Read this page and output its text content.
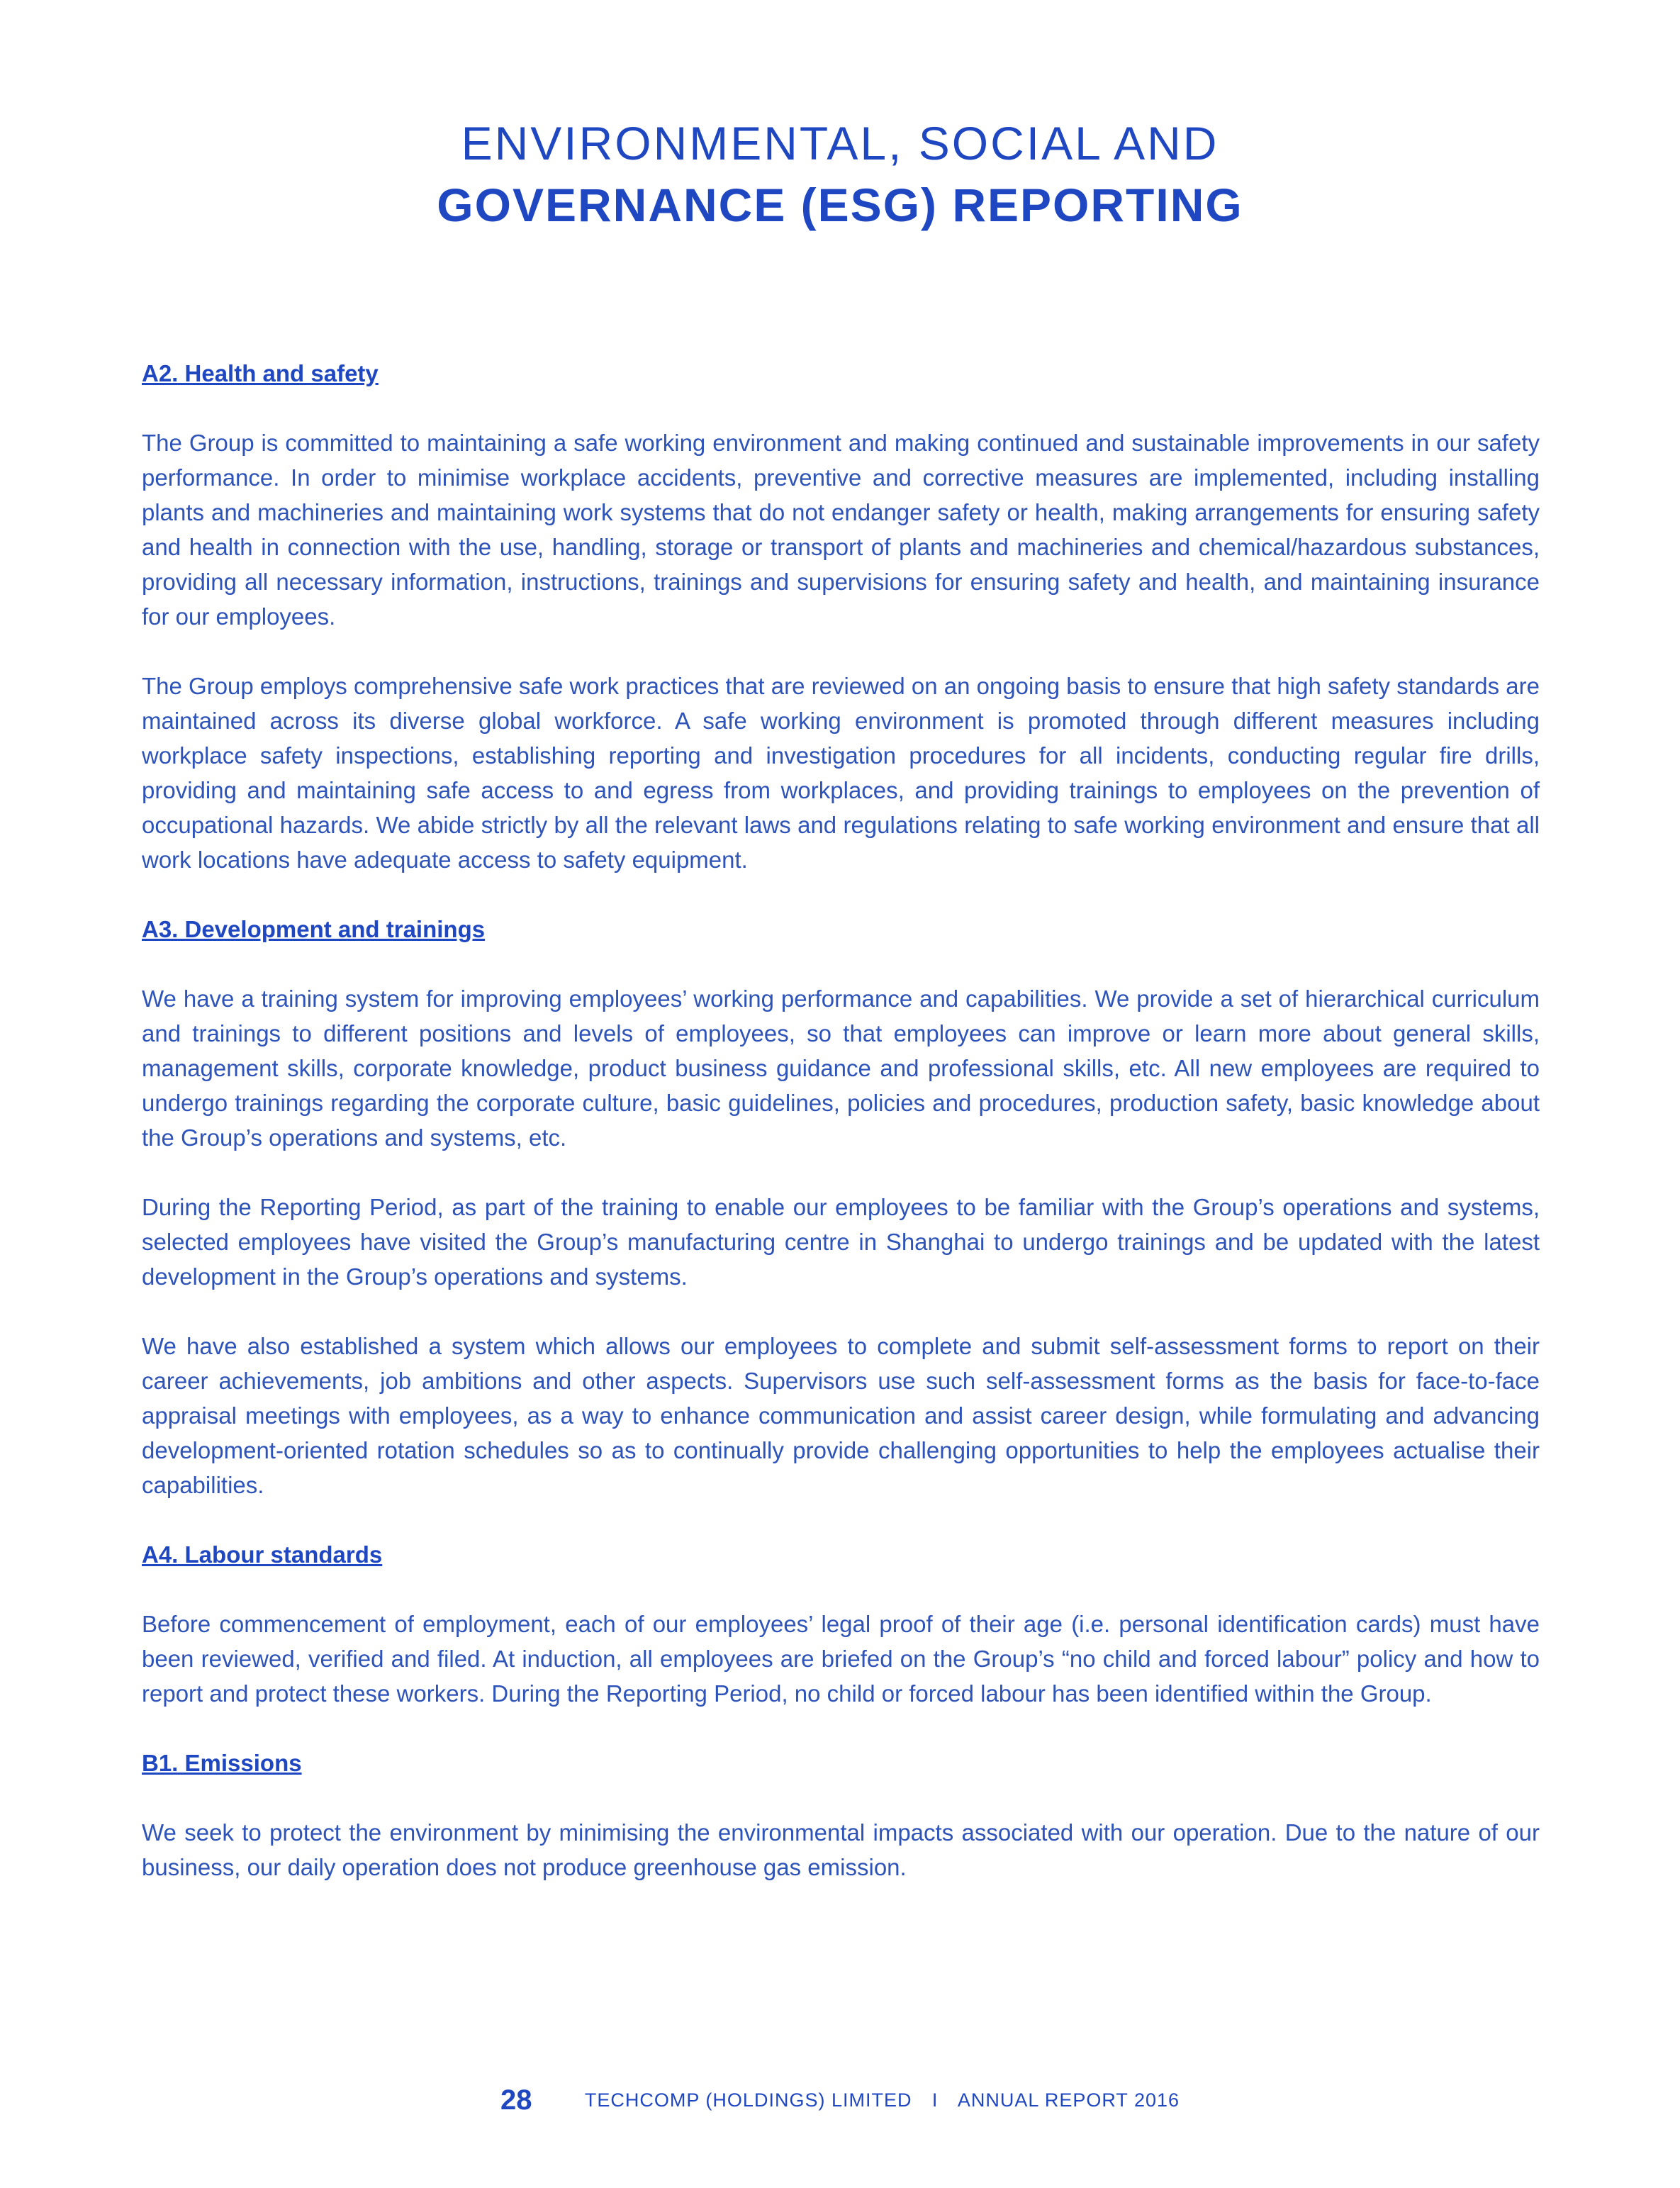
ENVIRONMENTAL, SOCIAL AND
GOVERNANCE (ESG) REPORTING
A2. Health and safety

The Group is committed to maintaining a safe working environment and making continued and sustainable improvements in our safety performance. In order to minimise workplace accidents, preventive and corrective measures are implemented, including installing plants and machineries and maintaining work systems that do not endanger safety or health, making arrangements for ensuring safety and health in connection with the use, handling, storage or transport of plants and machineries and chemical/hazardous substances, providing all necessary information, instructions, trainings and supervisions for ensuring safety and health, and maintaining insurance for our employees.

The Group employs comprehensive safe work practices that are reviewed on an ongoing basis to ensure that high safety standards are maintained across its diverse global workforce. A safe working environment is promoted through different measures including workplace safety inspections, establishing reporting and investigation procedures for all incidents, conducting regular fire drills, providing and maintaining safe access to and egress from workplaces, and providing trainings to employees on the prevention of occupational hazards. We abide strictly by all the relevant laws and regulations relating to safe working environment and ensure that all work locations have adequate access to safety equipment.

A3. Development and trainings

We have a training system for improving employees’ working performance and capabilities. We provide a set of hierarchical curriculum and trainings to different positions and levels of employees, so that employees can improve or learn more about general skills, management skills, corporate knowledge, product business guidance and professional skills, etc. All new employees are required to undergo trainings regarding the corporate culture, basic guidelines, policies and procedures, production safety, basic knowledge about the Group’s operations and systems, etc.

During the Reporting Period, as part of the training to enable our employees to be familiar with the Group’s operations and systems, selected employees have visited the Group’s manufacturing centre in Shanghai to undergo trainings and be updated with the latest development in the Group’s operations and systems.

We have also established a system which allows our employees to complete and submit self-assessment forms to report on their career achievements, job ambitions and other aspects. Supervisors use such self-assessment forms as the basis for face-to-face appraisal meetings with employees, as a way to enhance communication and assist career design, while formulating and advancing development-oriented rotation schedules so as to continually provide challenging opportunities to help the employees actualise their capabilities.

A4. Labour standards

Before commencement of employment, each of our employees’ legal proof of their age (i.e. personal identification cards) must have been reviewed, verified and filed. At induction, all employees are briefed on the Group’s “no child and forced labour” policy and how to report and protect these workers. During the Reporting Period, no child or forced labour has been identified within the Group.

B1. Emissions

We seek to protect the environment by minimising the environmental impacts associated with our operation. Due to the nature of our business, our daily operation does not produce greenhouse gas emission.

28	TECHCOMP (HOLDINGS) LIMITED I ANNUAL REPORT 2016
